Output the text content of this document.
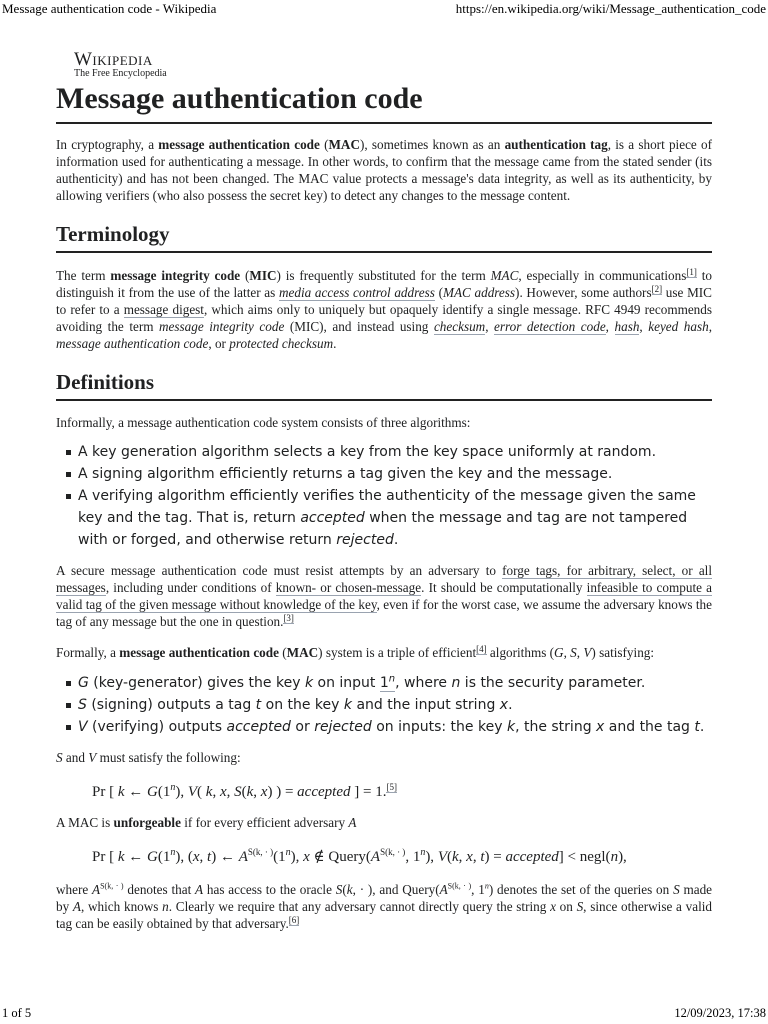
Message authentication code - Wikipedia	https://en.wikipedia.org/wiki/Message_authentication_code
Wikipedia
The Free Encyclopedia
Message authentication code

In cryptography, a message authentication code (MAC), sometimes known as an authentication tag, is a short piece of information used for authenticating a message. In other words, to confirm that the message came from the stated sender (its authenticity) and has not been changed. The MAC value protects a message's data integrity, as well as its authenticity, by allowing verifiers (who also possess the secret key) to detect any changes to the message content.

Terminology

The term message integrity code (MIC) is frequently substituted for the term MAC, especially in communications[1] to distinguish it from the use of the latter as media access control address (MAC address). However, some authors[2] use MIC to refer to a message digest, which aims only to uniquely but opaquely identify a single message. RFC 4949 recommends avoiding the term message integrity code (MIC), and instead using checksum, error detection code, hash, keyed hash, message authentication code, or protected checksum.

Definitions

Informally, a message authentication code system consists of three algorithms:

A key generation algorithm selects a key from the key space uniformly at random.
A signing algorithm efficiently returns a tag given the key and the message.
A verifying algorithm efficiently verifies the authenticity of the message given the same key and the tag. That is, return accepted when the message and tag are not tampered with or forged, and otherwise return rejected.

A secure message authentication code must resist attempts by an adversary to forge tags, for arbitrary, select, or all messages, including under conditions of known- or chosen-message. It should be computationally infeasible to compute a valid tag of the given message without knowledge of the key, even if for the worst case, we assume the adversary knows the tag of any message but the one in question.[3]

Formally, a message authentication code (MAC) system is a triple of efficient[4] algorithms (G, S, V) satisfying:

G (key-generator) gives the key k on input 1$^n$, where n is the security parameter.
S (signing) outputs a tag t on the key k and the input string x.
V (verifying) outputs accepted or rejected on inputs: the key k, the string x and the tag t.

S and V must satisfy the following:

Pr [ k ← G(1$^n$), V( k, x, S(k, x) ) = accepted ] = 1.[5]

A MAC is unforgeable if for every efficient adversary A

Pr [ k ← G(1$^n$), (x, t) ← $A^{S(k, \cdot )}(1^n)$, x ∉ $Query(A^{S(k, \cdot )}$, 1$^n$), V(k, x, t) = accepted] < negl(n),

where $A^{S(k, \cdot )}$ denotes that A has access to the oracle S(k, · ), and $Query(A^{S(k, \cdot )}$, 1$^n$) denotes the set of the queries on S made by A, which knows n. Clearly we require that any adversary cannot directly query the string x on S, since otherwise a valid tag can be easily obtained by that adversary.[6]

1 of 5	12/09/2023, 17:38
